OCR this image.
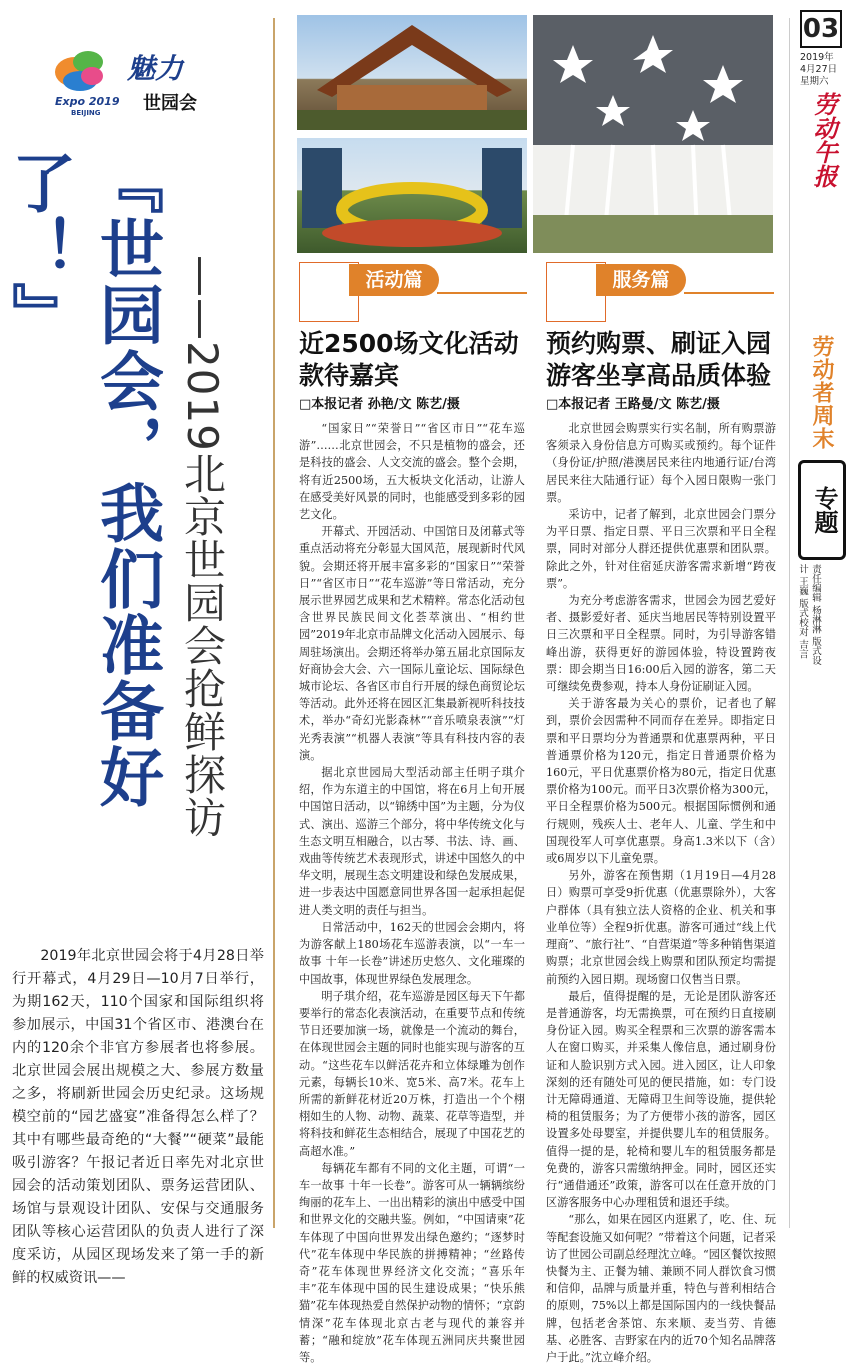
Expo 2019
BEIJING
魅力
世园会
『世园会，我们准备好了！』
——2019北京世园会抢鲜探访
2019年北京世园会将于4月28日举行开幕式，4月29日—10月7日举行，为期162天，110个国家和国际组织将参加展示，中国31个省区市、港澳台在内的120余个非官方参展者也将参展。北京世园会展出规模之大、参展方数量之多，将刷新世园会历史纪录。这场规模空前的“园艺盛宴”准备得怎么样了？其中有哪些最奇绝的“大餐”“硬菜”最能吸引游客？午报记者近日率先对北京世园会的活动策划团队、票务运营团队、场馆与景观设计团队、安保与交通服务团队等核心运营团队的负责人进行了深度采访，从园区现场发来了第一手的新鲜的权威资讯——
活动篇	服务篇
近2500场文化活动款待嘉宾
□本报记者 孙艳/文 陈艺/摄

“国家日”“荣誉日”“省区市日”“花车巡游”……北京世园会，不只是植物的盛会，还是科技的盛会、人文交流的盛会。整个会期，将有近2500场，五大板块文化活动，让游人在感受美好风景的同时，也能感受到多彩的园艺文化。

开幕式、开园活动、中国馆日及闭幕式等重点活动将充分彰显大国风范，展现新时代风貌。会期还将开展丰富多彩的“国家日”“荣誉日”“省区市日”“花车巡游”等日常活动，充分展示世界园艺成果和艺术精粹。常态化活动包含世界民族民间文化荟萃演出、“相约世园”2019年北京市品牌文化活动入园展示、每周驻场演出。会期还将举办第五届北京国际友好商协会大会、六一国际儿童论坛、国际绿色城市论坛、各省区市自行开展的绿色商贸论坛等活动。此外还将在园区汇集最新视听科技技术，举办“奇幻光影森林”“音乐喷泉表演”“灯光秀表演”“机器人表演”等具有科技内容的表演。

据北京世园局大型活动部主任明子琪介绍，作为东道主的中国馆，将在6月上旬开展中国馆日活动，以“锦绣中国”为主题，分为仪式、演出、巡游三个部分，将中华传统文化与生态文明互相融合，以古琴、书法、诗、画、戏曲等传统艺术表现形式，讲述中国悠久的中华文明，展现生态文明建设和绿色发展成果，进一步表达中国愿意同世界各国一起承担起促进人类文明的责任与担当。

日常活动中，162天的世园会会期内，将为游客献上180场花车巡游表演，以“一车一故事 十年一长卷”讲述历史悠久、文化璀璨的中国故事，体现世界绿色发展理念。

明子琪介绍，花车巡游是园区每天下午都要举行的常态化表演活动，在重要节点和传统节日还要加演一场，就像是一个流动的舞台，在体现世园会主题的同时也能实现与游客的互动。“这些花车以鲜活花卉和立体绿雕为创作元素，每辆长10米、宽5米、高7米。花车上所需的新鲜花材近20万株，打造出一个个栩栩如生的人物、动物、蔬菜、花草等造型，并将科技和鲜花生态相结合，展现了中国花艺的高超水准。”

每辆花车都有不同的文化主题，可谓“一车一故事 十年一长卷”。游客可从一辆辆缤纷绚丽的花车上、一出出精彩的演出中感受中国和世界文化的交融共鉴。例如，“中国请柬”花车体现了中国向世界发出绿色邀约；“逐梦时代”花车体现中华民族的拼搏精神；“丝路传奇”花车体现世界经济文化交流；“喜乐年丰”花车体现中国的民生建设成果；“快乐熊猫”花车体现热爱自然保护动物的情怀；“京韵情深”花车体现北京古老与现代的兼容并蓄；“融和绽放”花车体现五洲同庆共聚世园等。

预约购票、刷证入园游客坐享高品质体验
□本报记者 王路曼/文 陈艺/摄

北京世园会购票实行实名制，所有购票游客须录入身份信息方可购买或预约。每个证件（身份证/护照/港澳居民来往内地通行证/台湾居民来往大陆通行证）每个入园日限购一张门票。

采访中，记者了解到，北京世园会门票分为平日票、指定日票、平日三次票和平日全程票，同时对部分人群还提供优惠票和团队票。除此之外，针对住宿延庆游客需求新增“跨夜票”。

为充分考虑游客需求，世园会为园艺爱好者、摄影爱好者、延庆当地居民等特别设置平日三次票和平日全程票。同时，为引导游客错峰出游，获得更好的游园体验，特设置跨夜票：即会期当日16:00后入园的游客，第二天可继续免费参观，持本人身份证刷证入园。

关于游客最为关心的票价，记者也了解到，票价会因需种不同而存在差异。即指定日票和平日票均分为普通票和优惠票两种，平日普通票价格为120元，指定日普通票价格为160元，平日优惠票价格为80元，指定日优惠票价格为100元。而平日3次票价格为300元，平日全程票价格为500元。根据国际惯例和通行规则，残疾人士、老年人、儿童、学生和中国现役军人可享优惠票。身高1.3米以下（含）或6周岁以下儿童免票。

另外，游客在预售期（1月19日—4月28日）购票可享受9折优惠（优惠票除外），大客户群体（具有独立法人资格的企业、机关和事业单位等）全程9折优惠。游客可通过“线上代理商”、“旅行社”、“自营渠道”等多种销售渠道购票；北京世园会线上购票和团队预定均需提前预约入园日期。现场窗口仅售当日票。

最后，值得提醒的是，无论是团队游客还是普通游客，均无需换票，可在预约日直接刷身份证入园。购买全程票和三次票的游客需本人在窗口购买，并采集人像信息，通过刷身份证和人脸识别方式入园。进入园区，让人印象深刻的还有随处可见的便民措施，如：专门设计无障碍通道、无障碍卫生间等设施，提供轮椅的租赁服务；为了方便带小孩的游客，园区设置多处母婴室，并提供婴儿车的租赁服务。值得一提的是，轮椅和婴儿车的租赁服务都是免费的，游客只需缴纳押金。同时，园区还实行“通借通还”政策，游客可以在任意开放的门区游客服务中心办理租赁和退还手续。

“那么，如果在园区内逛累了，吃、住、玩等配套设施又如何呢？”带着这个问题，记者采访了世园公司副总经理沈立峰。“园区餐饮按照快餐为主、正餐为辅、兼顾不同人群饮食习惯和信仰，品牌与质量并重，特色与普利相结合的原则，75%以上都是国际国内的一线快餐品牌，包括老舍茶馆、东来顺、麦当劳、肯德基、必胜客、吉野家在内的近70个知名品牌落户于此。”沈立峰介绍。

03
2019年
4月27日
星期六
劳动午报
劳动者周末
专题
责任编辑 杨淋淋 版式设计 王巍 版式校对 吉言
